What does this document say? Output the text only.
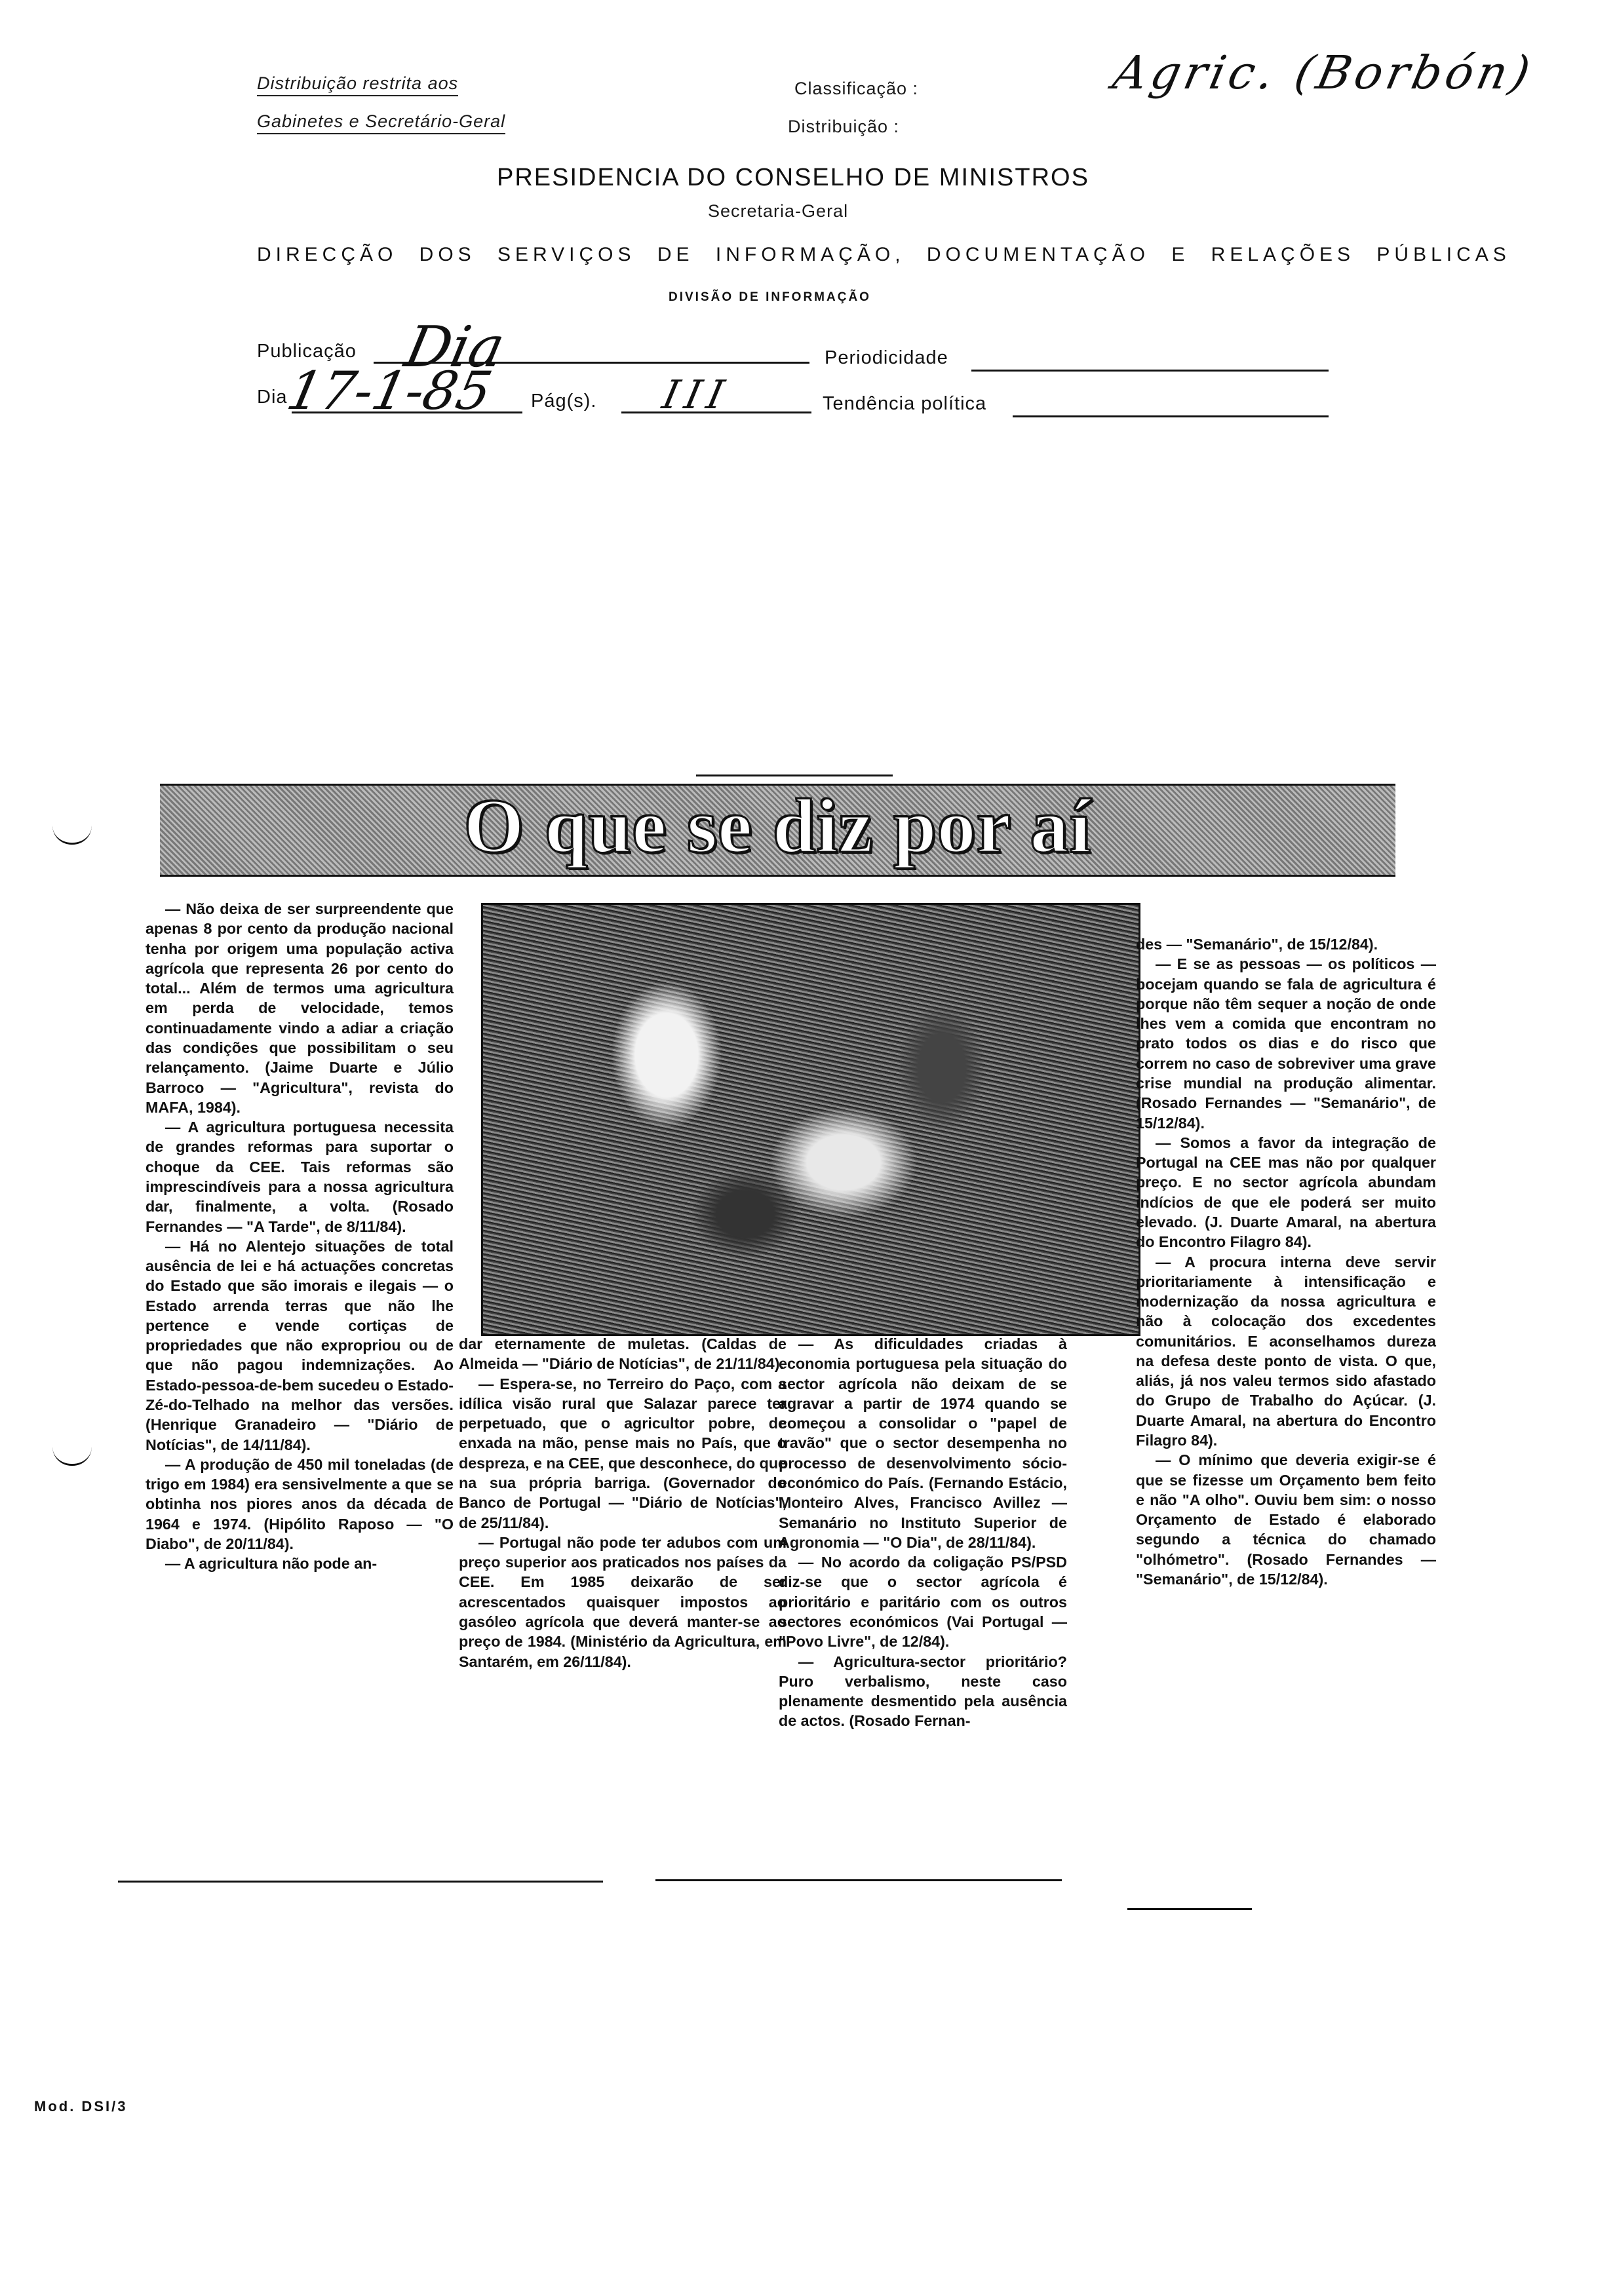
Distribuição restrita aos
Gabinetes e Secretário-Geral
Classificação :
Distribuição :
Agric. (Borbón)
PRESIDENCIA DO CONSELHO DE MINISTROS
Secretaria-Geral
DIRECÇÃO DOS SERVIÇOS DE INFORMAÇÃO, DOCUMENTAÇÃO E RELAÇÕES PÚBLICAS
DIVISÃO DE INFORMAÇÃO
Publicação Dia	Periodicidade
Dia
17-1-85 Pág(s). III	Tendência política
O que se diz por aí

— Não deixa de ser surpreendente que apenas 8 por cento da produção nacional tenha por origem uma população activa agrícola que representa 26 por cento do total... Além de termos uma agricultura em perda de velocidade, temos continuadamente vindo a adiar a criação das condições que possibilitam o seu relançamento. (Jaime Duarte e Júlio Barroco — "Agricultura", revista do MAFA, 1984).

— A agricultura portuguesa necessita de grandes reformas para suportar o choque da CEE. Tais reformas são imprescindíveis para a nossa agricultura dar, finalmente, a volta. (Rosado Fernandes — "A Tarde", de 8/11/84).

— Há no Alentejo situações de total ausência de lei e há actuações concretas do Estado que são imorais e ilegais — o Estado arrenda terras que não lhe pertence e vende cortiças de propriedades que não expropriou ou de que não pagou indemnizações. Ao Estado-pessoa-de-bem sucedeu o Estado-Zé-do-Telhado na melhor das versões. (Henrique Granadeiro — "Diário de Notícias", de 14/11/84).

— A produção de 450 mil toneladas (de trigo em 1984) era sensivelmente a que se obtinha nos piores anos da década de 1964 e 1974. (Hipólito Raposo — "O Diabo", de 20/11/84).

— A agricultura não pode an-

dar eternamente de muletas. (Caldas de Almeida — "Diário de Notícias", de 21/11/84).

— Espera-se, no Terreiro do Paço, com a idílica visão rural que Salazar parece ter perpetuado, que o agricultor pobre, de enxada na mão, pense mais no País, que o despreza, e na CEE, que desconhece, do que na sua própria barriga. (Governador do Banco de Portugal — "Diário de Notícias", de 25/11/84).

— Portugal não pode ter adubos com um preço superior aos praticados nos países da CEE. Em 1985 deixarão de ser acrescentados quaisquer impostos ao gasóleo agrícola que deverá manter-se ao preço de 1984. (Ministério da Agricultura, em Santarém, em 26/11/84).

— As dificuldades criadas à economia portuguesa pela situação do sector agrícola não deixam de se agravar a partir de 1974 quando se começou a consolidar o "papel de travão" que o sector desempenha no processo de desenvolvimento sócio-económico do País. (Fernando Estácio, Monteiro Alves, Francisco Avillez — Semanário no Instituto Superior de Agronomia — "O Dia", de 28/11/84).

— No acordo da coligação PS/PSD diz-se que o sector agrícola é prioritário e paritário com os outros sectores económicos (Vai Portugal — "Povo Livre", de 12/84).

— Agricultura-sector prioritário? Puro verbalismo, neste caso plenamente desmentido pela ausência de actos. (Rosado Fernan-

des — "Semanário", de 15/12/84).

— E se as pessoas — os políticos — bocejam quando se fala de agricultura é porque não têm sequer a noção de onde lhes vem a comida que encontram no prato todos os dias e do risco que correm no caso de sobreviver uma grave crise mundial na produção alimentar. (Rosado Fernandes — "Semanário", de 15/12/84).

— Somos a favor da integração de Portugal na CEE mas não por qualquer preço. E no sector agrícola abundam indícios de que ele poderá ser muito elevado. (J. Duarte Amaral, na abertura do Encontro Filagro 84).

— A procura interna deve servir prioritariamente à intensificação e modernização da nossa agricultura e não à colocação dos excedentes comunitários. E aconselhamos dureza na defesa deste ponto de vista. O que, aliás, já nos valeu termos sido afastado do Grupo de Trabalho do Açúcar. (J. Duarte Amaral, na abertura do Encontro Filagro 84).

— O mínimo que deveria exigir-se é que se fizesse um Orçamento bem feito e não "A olho". Ouviu bem sim: o nosso Orçamento de Estado é elaborado segundo a técnica do chamado "olhómetro". (Rosado Fernandes — "Semanário", de 15/12/84).

Mod. DSI/3
